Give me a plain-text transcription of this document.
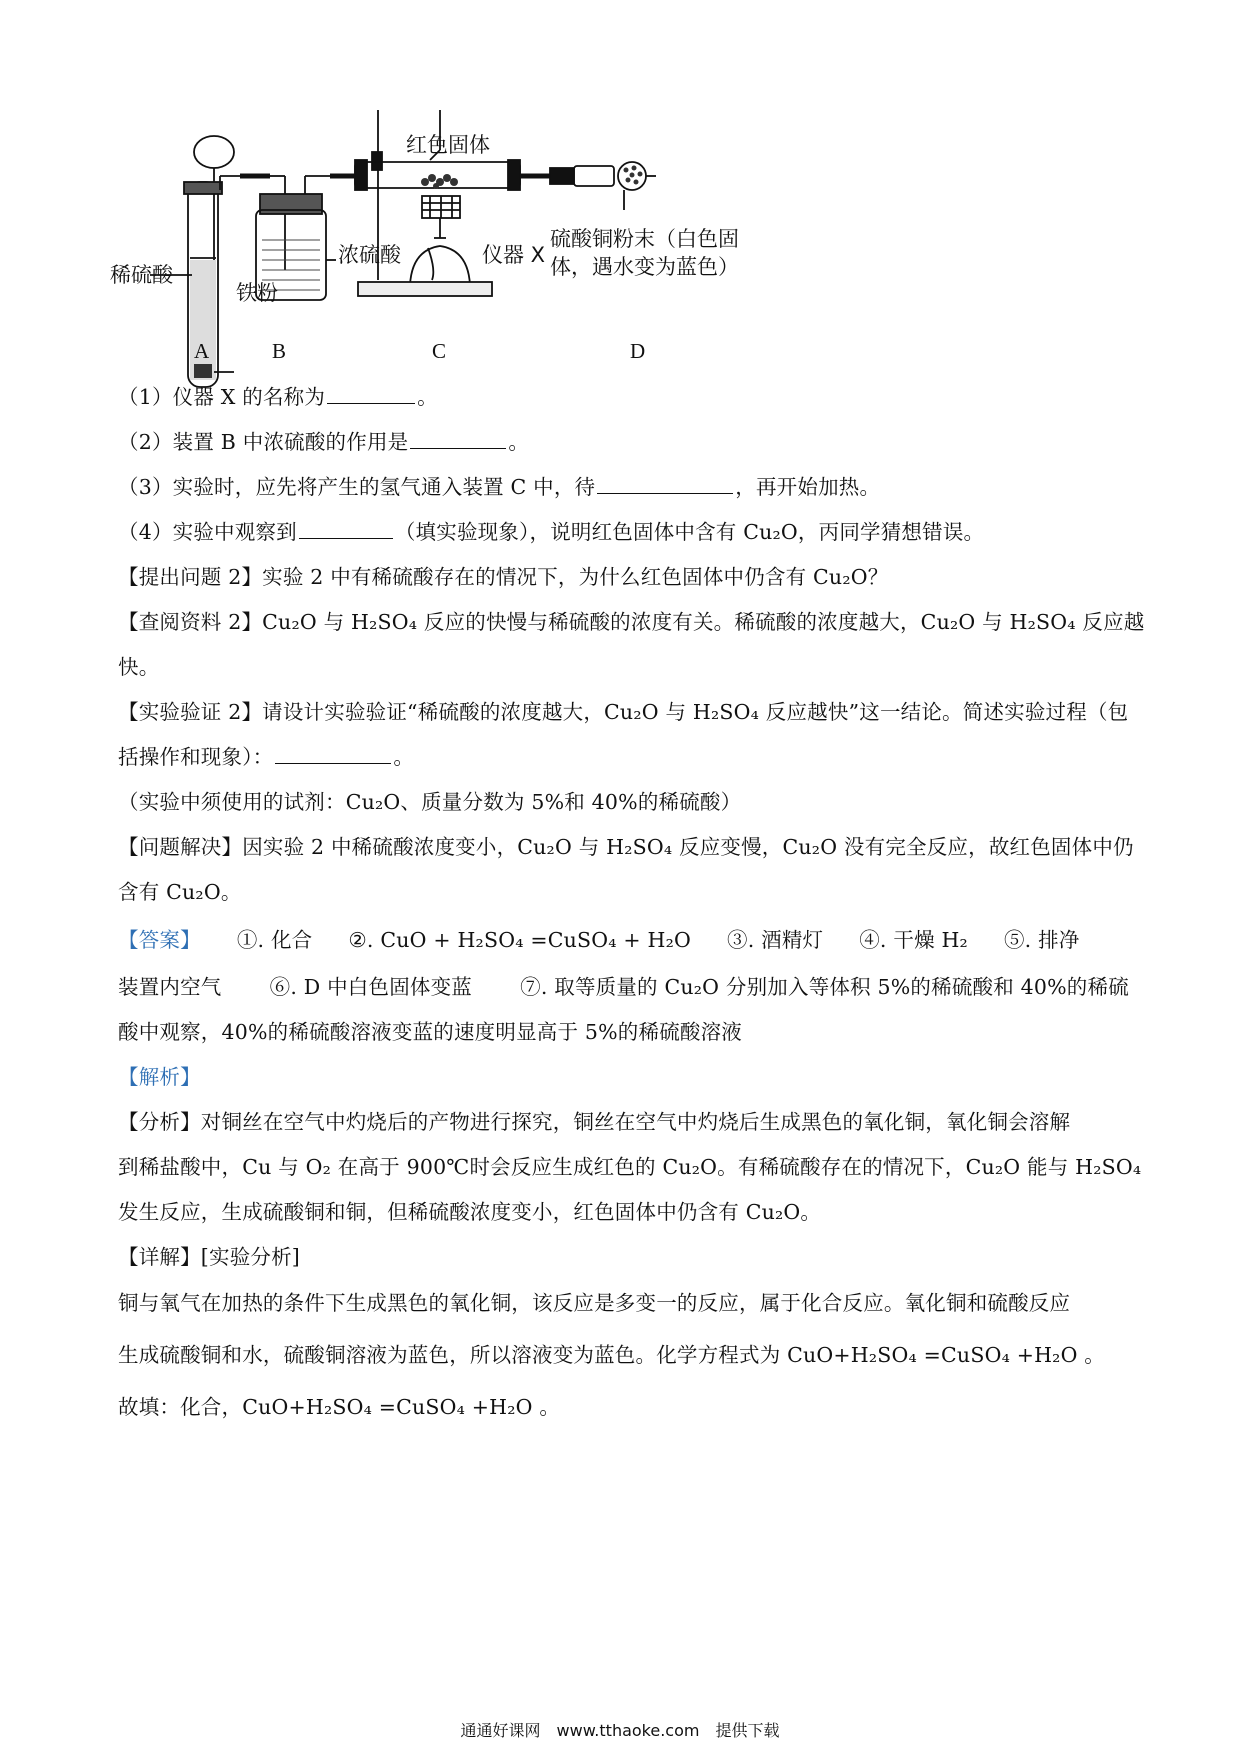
稀硫酸
铁粉
浓硫酸
红色固体
仪器 X
硫酸铜粉末（白色固
体，遇水变为蓝色）
A	B	C	D
（1）仪器 X 的名称为	。
（2）装置 B 中浓硫酸的作用是	。
（3）实验时，应先将产生的氢气通入装置 C 中，待	，再开始加热。
（4）实验中观察到	（填实验现象），说明红色固体中含有 Cu₂O，丙同学猜想错误。
【提出问题 2】实验 2 中有稀硫酸存在的情况下，为什么红色固体中仍含有 Cu₂O？
【查阅资料 2】Cu₂O 与 H₂SO₄ 反应的快慢与稀硫酸的浓度有关。稀硫酸的浓度越大，Cu₂O 与 H₂SO₄ 反应越
快。
【实验验证 2】请设计实验验证“稀硫酸的浓度越大，Cu₂O 与 H₂SO₄ 反应越快”这一结论。简述实验过程（包
括操作和现象）：	。
（实验中须使用的试剂：Cu₂O、质量分数为 5%和 40%的稀硫酸）
【问题解决】因实验 2 中稀硫酸浓度变小，Cu₂O 与 H₂SO₄ 反应变慢，Cu₂O 没有完全反应，故红色固体中仍
含有 Cu₂O。
【答案】 ①. 化合 ②. CuO + H₂SO₄ =CuSO₄ + H₂O ③. 酒精灯 ④. 干燥 H₂ ⑤. 排净
装置内空气　　 ⑥. D 中白色固体变蓝　　 ⑦. 取等质量的 Cu₂O 分别加入等体积 5%的稀硫酸和 40%的稀硫
酸中观察，40%的稀硫酸溶液变蓝的速度明显高于 5%的稀硫酸溶液
【解析】
【分析】对铜丝在空气中灼烧后的产物进行探究，铜丝在空气中灼烧后生成黑色的氧化铜，氧化铜会溶解
到稀盐酸中，Cu 与 O₂ 在高于 900℃时会反应生成红色的 Cu₂O。有稀硫酸存在的情况下，Cu₂O 能与 H₂SO₄
发生反应，生成硫酸铜和铜，但稀硫酸浓度变小，红色固体中仍含有 Cu₂O。
【详解】[实验分析]
铜与氧气在加热的条件下生成黑色的氧化铜，该反应是多变一的反应，属于化合反应。氧化铜和硫酸反应
生成硫酸铜和水，硫酸铜溶液为蓝色，所以溶液变为蓝色。化学方程式为 CuO+H₂SO₄ =CuSO₄ +H₂O 。
故填：化合，CuO+H₂SO₄ =CuSO₄ +H₂O 。
通通好课网　www.tthaoke.com　提供下载
